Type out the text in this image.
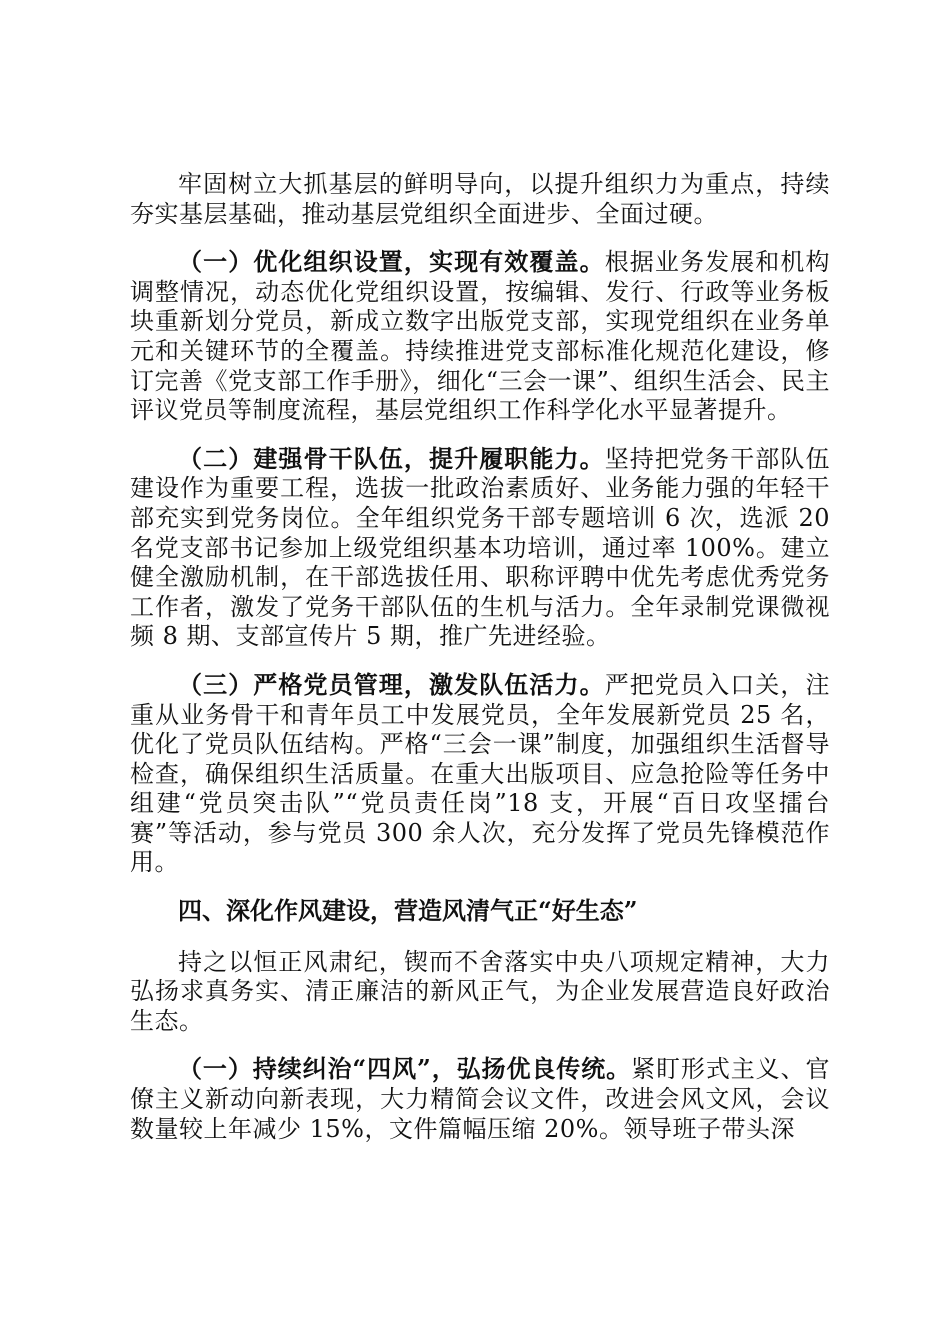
牢固树立大抓基层的鲜明导向，以提升组织力为重点，持续夯实基层基础，推动基层党组织全面进步、全面过硬。

（一）优化组织设置，实现有效覆盖。根据业务发展和机构调整情况，动态优化党组织设置，按编辑、发行、行政等业务板块重新划分党员，新成立数字出版党支部，实现党组织在业务单元和关键环节的全覆盖。持续推进党支部标准化规范化建设，修订完善《党支部工作手册》，细化“三会一课”、组织生活会、民主评议党员等制度流程，基层党组织工作科学化水平显著提升。

（二）建强骨干队伍，提升履职能力。坚持把党务干部队伍建设作为重要工程，选拔一批政治素质好、业务能力强的年轻干部充实到党务岗位。全年组织党务干部专题培训 6 次，选派 20 名党支部书记参加上级党组织基本功培训，通过率 100%。建立健全激励机制，在干部选拔任用、职称评聘中优先考虑优秀党务工作者，激发了党务干部队伍的生机与活力。全年录制党课微视频 8 期、支部宣传片 5 期，推广先进经验。

（三）严格党员管理，激发队伍活力。严把党员入口关，注重从业务骨干和青年员工中发展党员，全年发展新党员 25 名，优化了党员队伍结构。严格“三会一课”制度，加强组织生活督导检查，确保组织生活质量。在重大出版项目、应急抢险等任务中组建“党员突击队”“党员责任岗”18 支，开展“百日攻坚擂台赛”等活动，参与党员 300 余人次，充分发挥了党员先锋模范作用。

四、深化作风建设，营造风清气正“好生态”

持之以恒正风肃纪，锲而不舍落实中央八项规定精神，大力弘扬求真务实、清正廉洁的新风正气，为企业发展营造良好政治生态。

（一）持续纠治“四风”，弘扬优良传统。紧盯形式主义、官僚主义新动向新表现，大力精简会议文件，改进会风文风，会议数量较上年减少 15%，文件篇幅压缩 20%。领导班子带头深
